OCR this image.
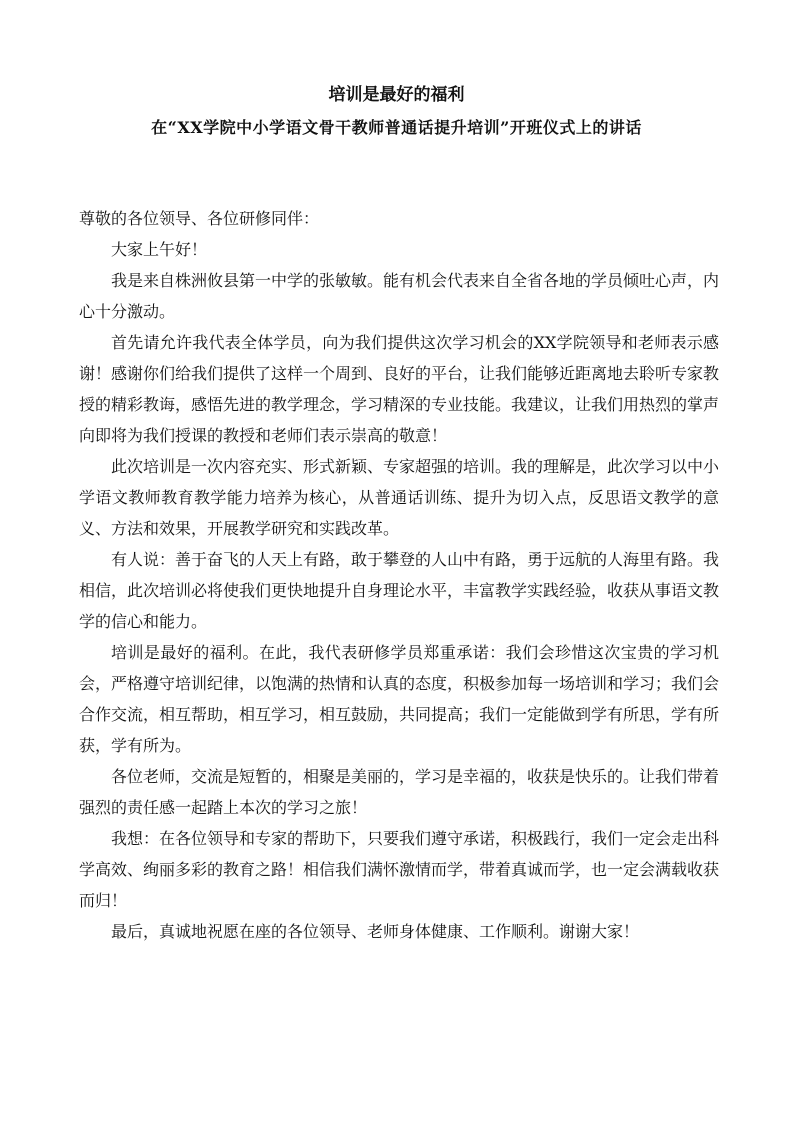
培训是最好的福利
在“XX学院中小学语文骨干教师普通话提升培训”开班仪式上的讲话

尊敬的各位领导、各位研修同伴：

大家上午好！

我是来自株洲攸县第一中学的张敏敏。能有机会代表来自全省各地的学员倾吐心声，内心十分激动。

首先请允许我代表全体学员，向为我们提供这次学习机会的XX学院领导和老师表示感谢！感谢你们给我们提供了这样一个周到、良好的平台，让我们能够近距离地去聆听专家教授的精彩教诲，感悟先进的教学理念，学习精深的专业技能。我建议，让我们用热烈的掌声向即将为我们授课的教授和老师们表示崇高的敬意！

此次培训是一次内容充实、形式新颖、专家超强的培训。我的理解是，此次学习以中小学语文教师教育教学能力培养为核心，从普通话训练、提升为切入点，反思语文教学的意义、方法和效果，开展教学研究和实践改革。

有人说：善于奋飞的人天上有路，敢于攀登的人山中有路，勇于远航的人海里有路。我相信，此次培训必将使我们更快地提升自身理论水平，丰富教学实践经验，收获从事语文教学的信心和能力。

培训是最好的福利。在此，我代表研修学员郑重承诺：我们会珍惜这次宝贵的学习机会，严格遵守培训纪律，以饱满的热情和认真的态度，积极参加每一场培训和学习；我们会合作交流，相互帮助，相互学习，相互鼓励，共同提高；我们一定能做到学有所思，学有所获，学有所为。

各位老师，交流是短暂的，相聚是美丽的，学习是幸福的，收获是快乐的。让我们带着强烈的责任感一起踏上本次的学习之旅！

我想：在各位领导和专家的帮助下，只要我们遵守承诺，积极践行，我们一定会走出科学高效、绚丽多彩的教育之路！相信我们满怀激情而学，带着真诚而学，也一定会满载收获而归！

最后，真诚地祝愿在座的各位领导、老师身体健康、工作顺利。谢谢大家！
